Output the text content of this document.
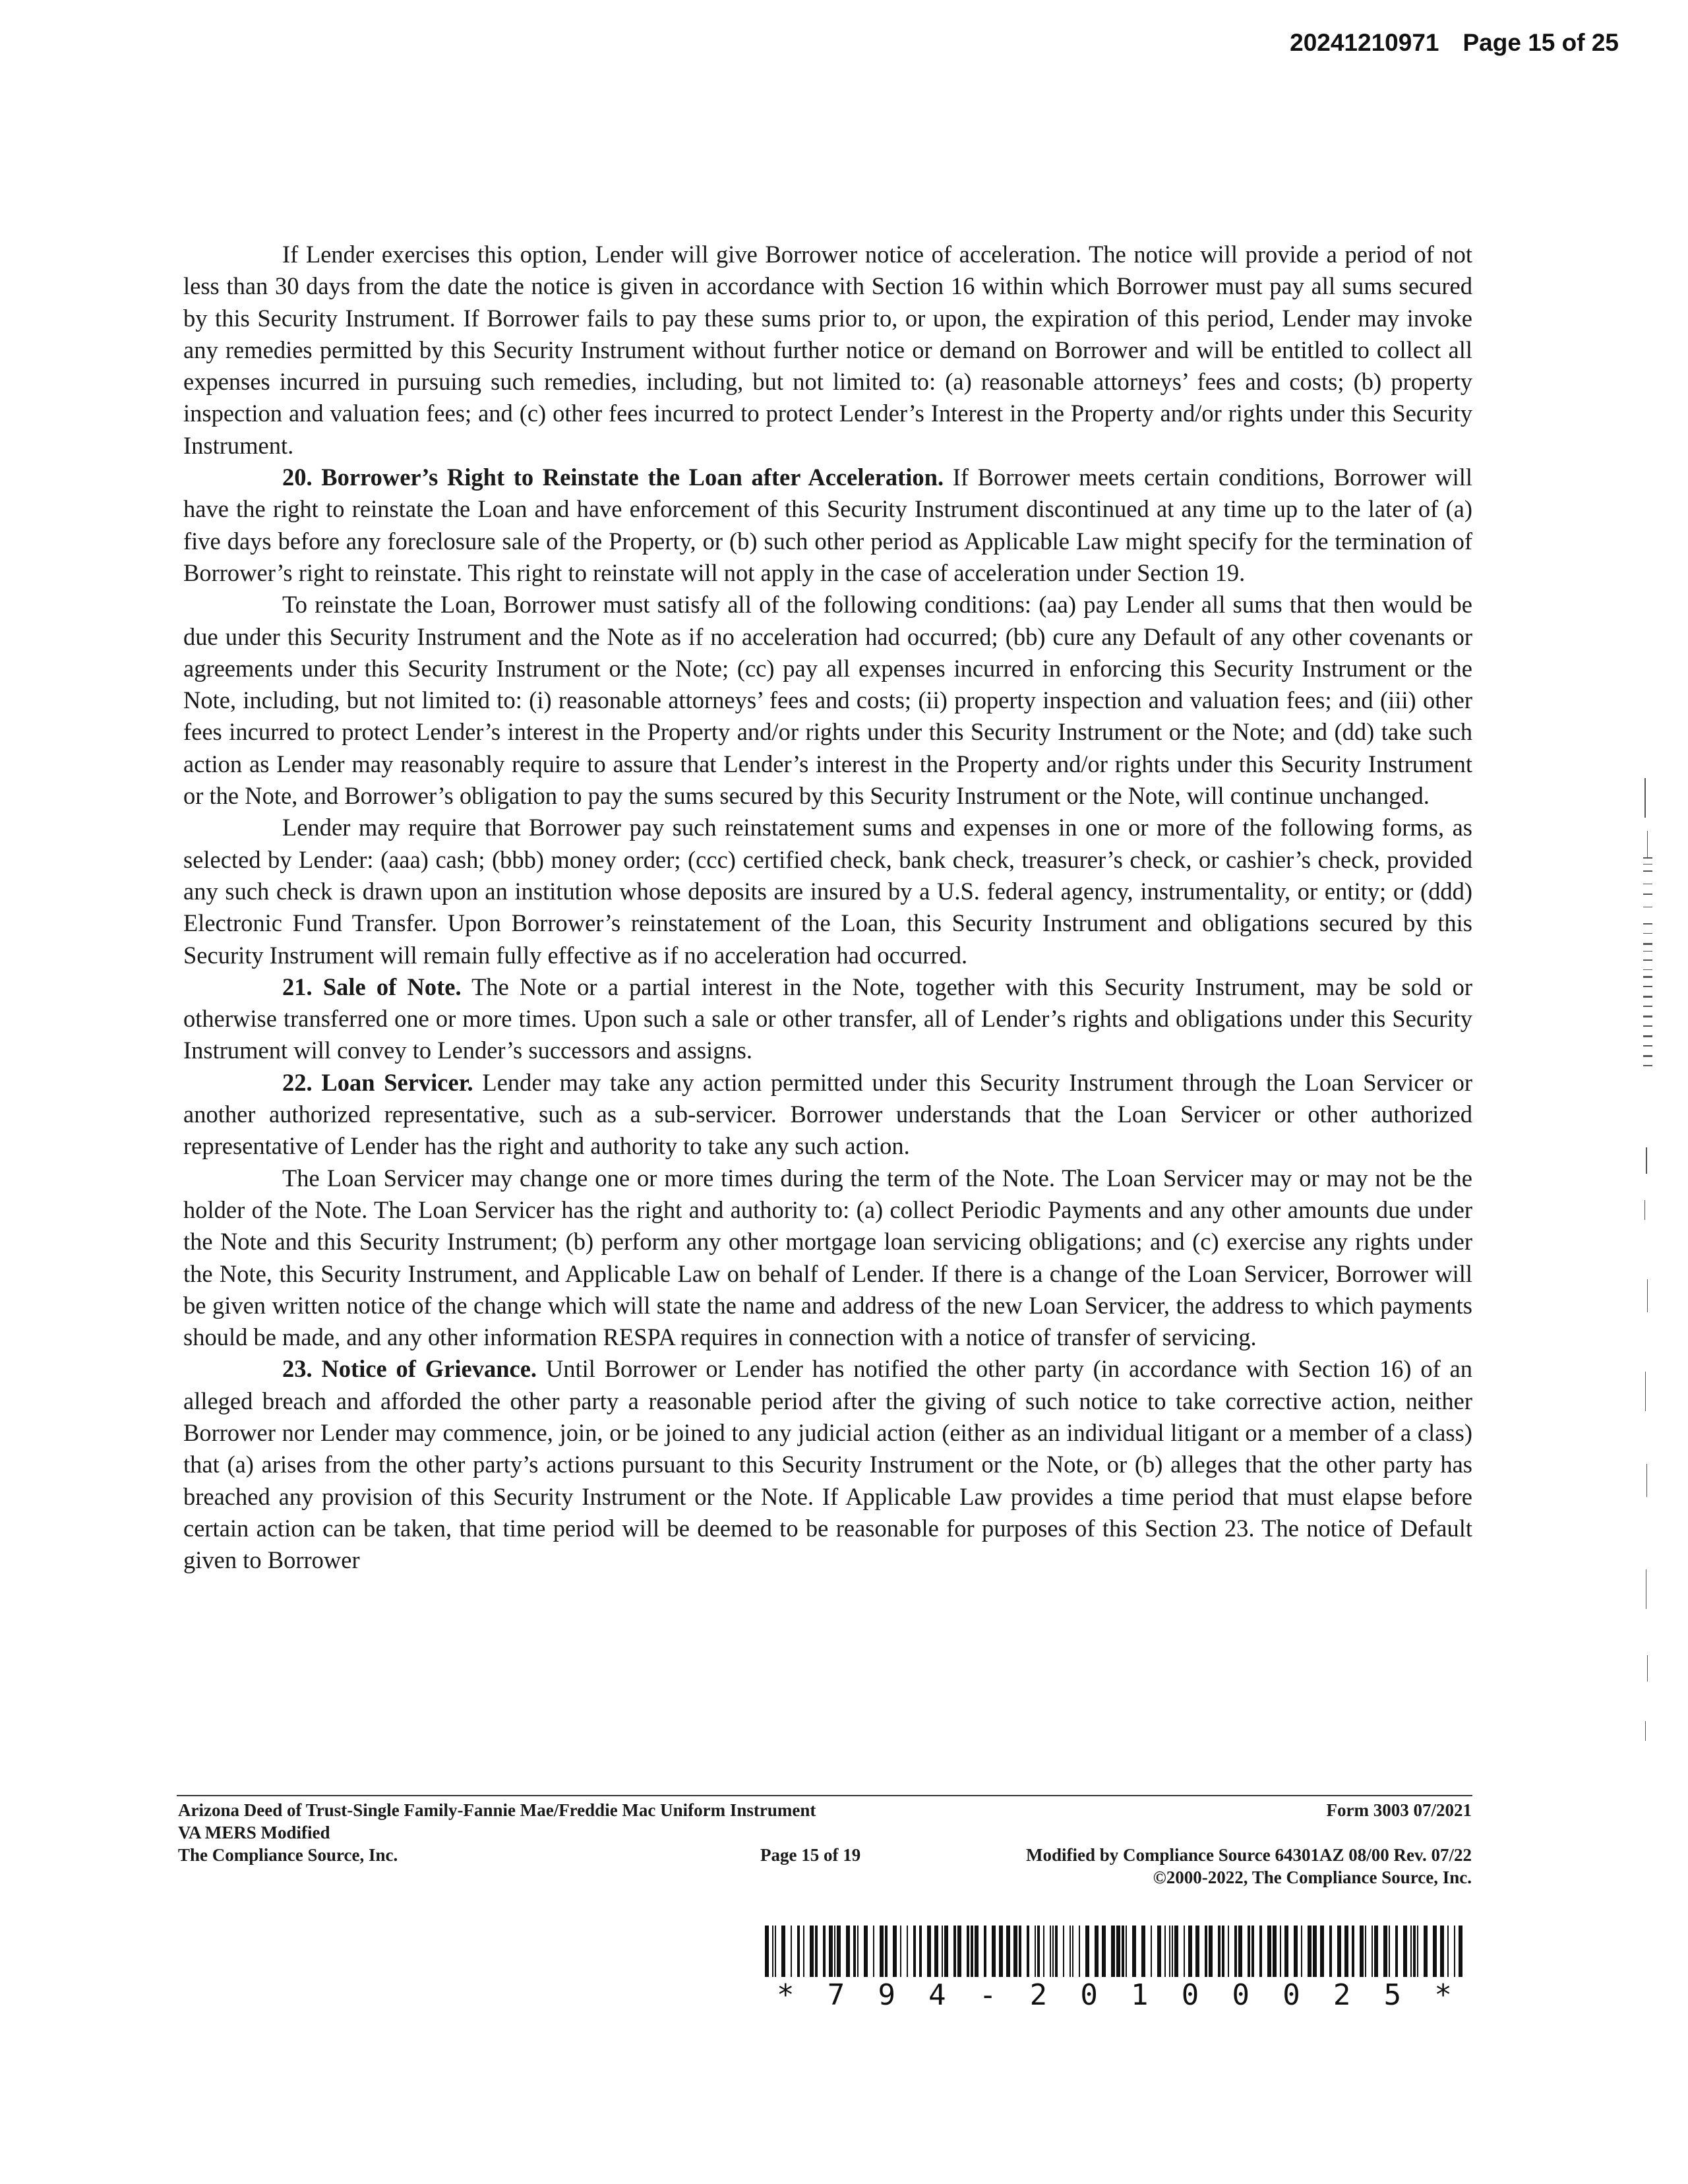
20241210971 Page 15 of 25

If Lender exercises this option, Lender will give Borrower notice of acceleration. The notice will provide a period of not less than 30 days from the date the notice is given in accordance with Section 16 within which Borrower must pay all sums secured by this Security Instrument. If Borrower fails to pay these sums prior to, or upon, the expiration of this period, Lender may invoke any remedies permitted by this Security Instrument without further notice or demand on Borrower and will be entitled to collect all expenses incurred in pursuing such remedies, including, but not limited to: (a) reasonable attorneys’ fees and costs; (b) property inspection and valuation fees; and (c) other fees incurred to protect Lender’s Interest in the Property and/or rights under this Security Instrument.

20. Borrower’s Right to Reinstate the Loan after Acceleration. If Borrower meets certain conditions, Borrower will have the right to reinstate the Loan and have enforcement of this Security Instrument discontinued at any time up to the later of (a) five days before any foreclosure sale of the Property, or (b) such other period as Applicable Law might specify for the termination of Borrower’s right to reinstate. This right to reinstate will not apply in the case of acceleration under Section 19.

To reinstate the Loan, Borrower must satisfy all of the following conditions: (aa) pay Lender all sums that then would be due under this Security Instrument and the Note as if no acceleration had occurred; (bb) cure any Default of any other covenants or agreements under this Security Instrument or the Note; (cc) pay all expenses incurred in enforcing this Security Instrument or the Note, including, but not limited to: (i) reasonable attorneys’ fees and costs; (ii) property inspection and valuation fees; and (iii) other fees incurred to protect Lender’s interest in the Property and/or rights under this Security Instrument or the Note; and (dd) take such action as Lender may reasonably require to assure that Lender’s interest in the Property and/or rights under this Security Instrument or the Note, and Borrower’s obligation to pay the sums secured by this Security Instrument or the Note, will continue unchanged.

Lender may require that Borrower pay such reinstatement sums and expenses in one or more of the following forms, as selected by Lender: (aaa) cash; (bbb) money order; (ccc) certified check, bank check, treasurer’s check, or cashier’s check, provided any such check is drawn upon an institution whose deposits are insured by a U.S. federal agency, instrumentality, or entity; or (ddd) Electronic Fund Transfer. Upon Borrower’s reinstatement of the Loan, this Security Instrument and obligations secured by this Security Instrument will remain fully effective as if no acceleration had occurred.

21. Sale of Note. The Note or a partial interest in the Note, together with this Security Instrument, may be sold or otherwise transferred one or more times. Upon such a sale or other transfer, all of Lender’s rights and obligations under this Security Instrument will convey to Lender’s successors and assigns.

22. Loan Servicer. Lender may take any action permitted under this Security Instrument through the Loan Servicer or another authorized representative, such as a sub-servicer. Borrower understands that the Loan Servicer or other authorized representative of Lender has the right and authority to take any such action.

The Loan Servicer may change one or more times during the term of the Note. The Loan Servicer may or may not be the holder of the Note. The Loan Servicer has the right and authority to: (a) collect Periodic Payments and any other amounts due under the Note and this Security Instrument; (b) perform any other mortgage loan servicing obligations; and (c) exercise any rights under the Note, this Security Instrument, and Applicable Law on behalf of Lender. If there is a change of the Loan Servicer, Borrower will be given written notice of the change which will state the name and address of the new Loan Servicer, the address to which payments should be made, and any other information RESPA requires in connection with a notice of transfer of servicing.

23. Notice of Grievance. Until Borrower or Lender has notified the other party (in accordance with Section 16) of an alleged breach and afforded the other party a reasonable period after the giving of such notice to take corrective action, neither Borrower nor Lender may commence, join, or be joined to any judicial action (either as an individual litigant or a member of a class) that (a) arises from the other party’s actions pursuant to this Security Instrument or the Note, or (b) alleges that the other party has breached any provision of this Security Instrument or the Note. If Applicable Law provides a time period that must elapse before certain action can be taken, that time period will be deemed to be reasonable for purposes of this Section 23. The notice of Default given to Borrower

Arizona Deed of Trust-Single Family-Fannie Mae/Freddie Mac Uniform Instrument	Form 3003 07/2021
VA MERS Modified
The Compliance Source, Inc.	Page 15 of 19	Modified by Compliance Source 64301AZ 08/00 Rev. 07/22
©2000-2022, The Compliance Source, Inc.
* 7 9 4 - 2 0 1 0 0 0 2 5 *
